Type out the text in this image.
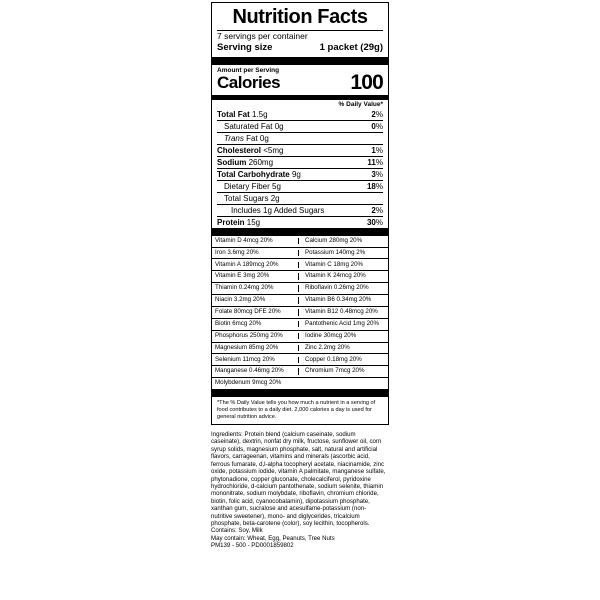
Nutrition Facts
7 servings per container
Serving size	1 packet (29g)
Amount per Serving
Calories	100
% Daily Value*
Total Fat 1.5g	2%
Saturated Fat 0g	0%
Trans Fat 0g	
Cholesterol <5mg	1%
Sodium 260mg	11%
Total Carbohydrate 9g	3%
Dietary Fiber 5g	18%
Total Sugars 2g	
Includes 1g Added Sugars	2%
Protein 15g	30%
Vitamin D 4mcg 20%	Calcium 280mg 20%
Iron 3.6mg 20%	Potassium 140mg 2%
Vitamin A 189mcg 20%	Vitamin C 18mg 20%
Vitamin E 3mg 20%	Vitamin K 24mcg 20%
Thiamin 0.24mg 20%	Riboflavin 0.26mg 20%
Niacin 3.2mg 20%	Vitamin B6 0.34mg 20%
Folate 80mcg DFE 20%	Vitamin B12 0.48mcg 20%
Biotin 6mcg 20%	Pantothenic Acid 1mg 20%
Phosphorus 250mg 20%	Iodine 30mcg 20%
Magnesium 85mg 20%	Zinc 2.2mg 20%
Selenium 11mcg 20%	Copper 0.18mg 20%
Manganese 0.46mg 20%	Chromium 7mcg 20%
Molybdenum 9mcg 20%
*The % Daily Value tells you how much a nutrient in a serving of food contributes to a daily diet. 2,000 calories a day is used for general nutrition advice.

Ingredients: Protein blend (calcium caseinate, sodium caseinate), dextrin, nonfat dry milk, fructose, sunflower oil, corn syrup solids, magnesium phosphate, salt, natural and artificial flavors, carrageenan, vitamins and minerals (ascorbic acid, ferrous fumarate, d,l-alpha tocopheryl acetate, niacinamide, zinc oxide, potassium iodide, vitamin A palmitate, manganese sulfate, phytonadione, copper gluconate, cholecalciferol, pyridoxine hydrochloride, d-calcium pantothenate, sodium selenite, thiamin mononitrate, sodium molybdate, riboflavin, chromium chloride, biotin, folic acid, cyanocobalamin), dipotassium phosphate, xanthan gum, sucralose and acesulfame-potassium (non-nutritive sweetener), mono- and diglycerides, tricalcium phosphate, beta-carotene (color), soy lecithin, tocopherols.

Contains: Soy, Milk

May contain: Wheat, Egg, Peanuts, Tree Nuts

PM139 - 500 - PD0001859802
